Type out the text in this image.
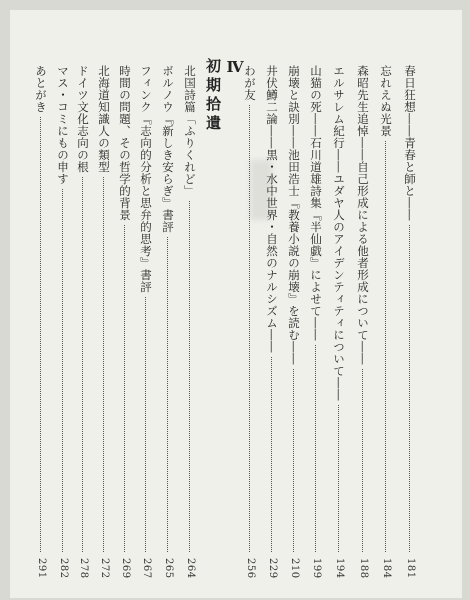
Ⅳ
初期拾遺	春日狂想――青春と師と――
181
忘れえぬ光景
184
森昭先生追悼――自己形成による他者形成について――
188
エルサレム紀行――ユダヤ人のアイデンティティについて――
194
山猫の死――石川道雄詩集『半仙戯』によせて――
199
崩壊と訣別――池田浩士『教養小説の崩壊』を読む――
210
井伏鱒二論――黒・水中世界・自然のナルシズム――
229
わが友
256
北国詩篇「ふりくれど」
264
ボルノウ『新しき安らぎ』書評
265
フィンク『志向的分析と思弁的思考』書評
267
時間の問題、その哲学的背景
269
北海道知識人の類型
272
ドイツ文化志向の根
278
マス・コミにもの申す
282
あとがき
291
